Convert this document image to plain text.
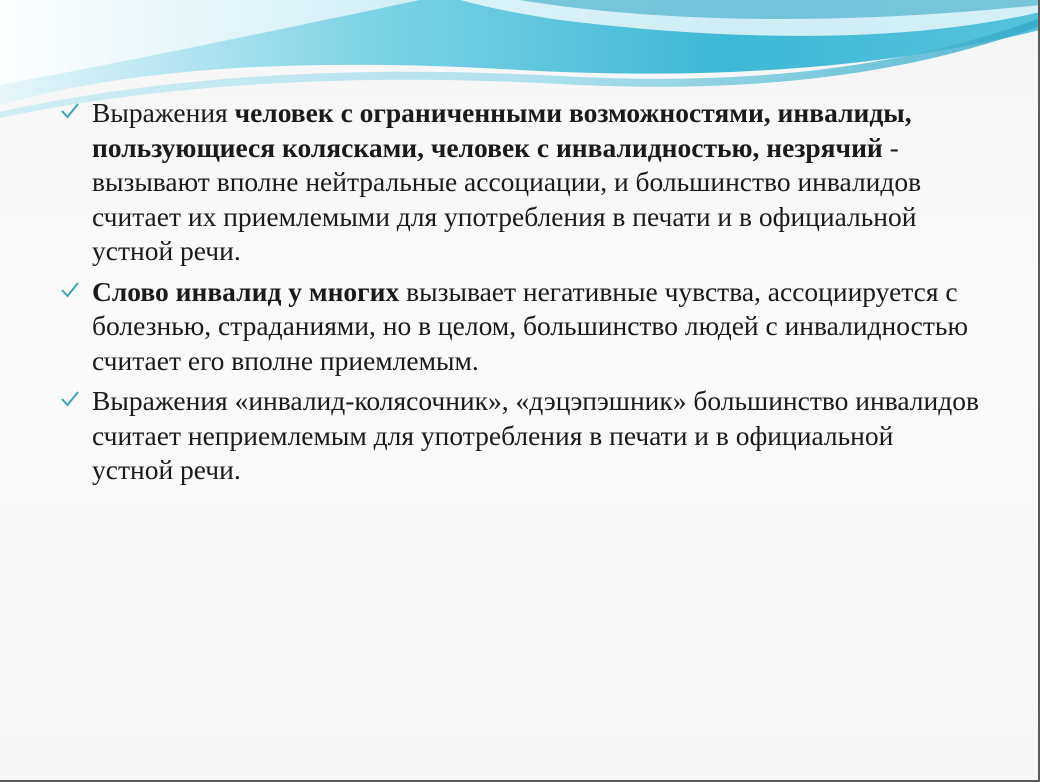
Выражения человек с ограниченными возможностями, инвалиды, пользующиеся колясками, человек с инвалидностью, незрячий - вызывают вполне нейтральные ассоциации, и большинство инвалидов считает их приемлемыми для употребления в печати и в официальной устной речи.
Слово инвалид у многих вызывает негативные чувства, ассоциируется с болезнью, страданиями, но в целом, большинство людей с инвалидностью считает его вполне приемлемым.
Выражения «инвалид-колясочник», «дэцэпэшник» большинство инвалидов считает неприемлемым для употребления в печати и в официальной устной речи.
